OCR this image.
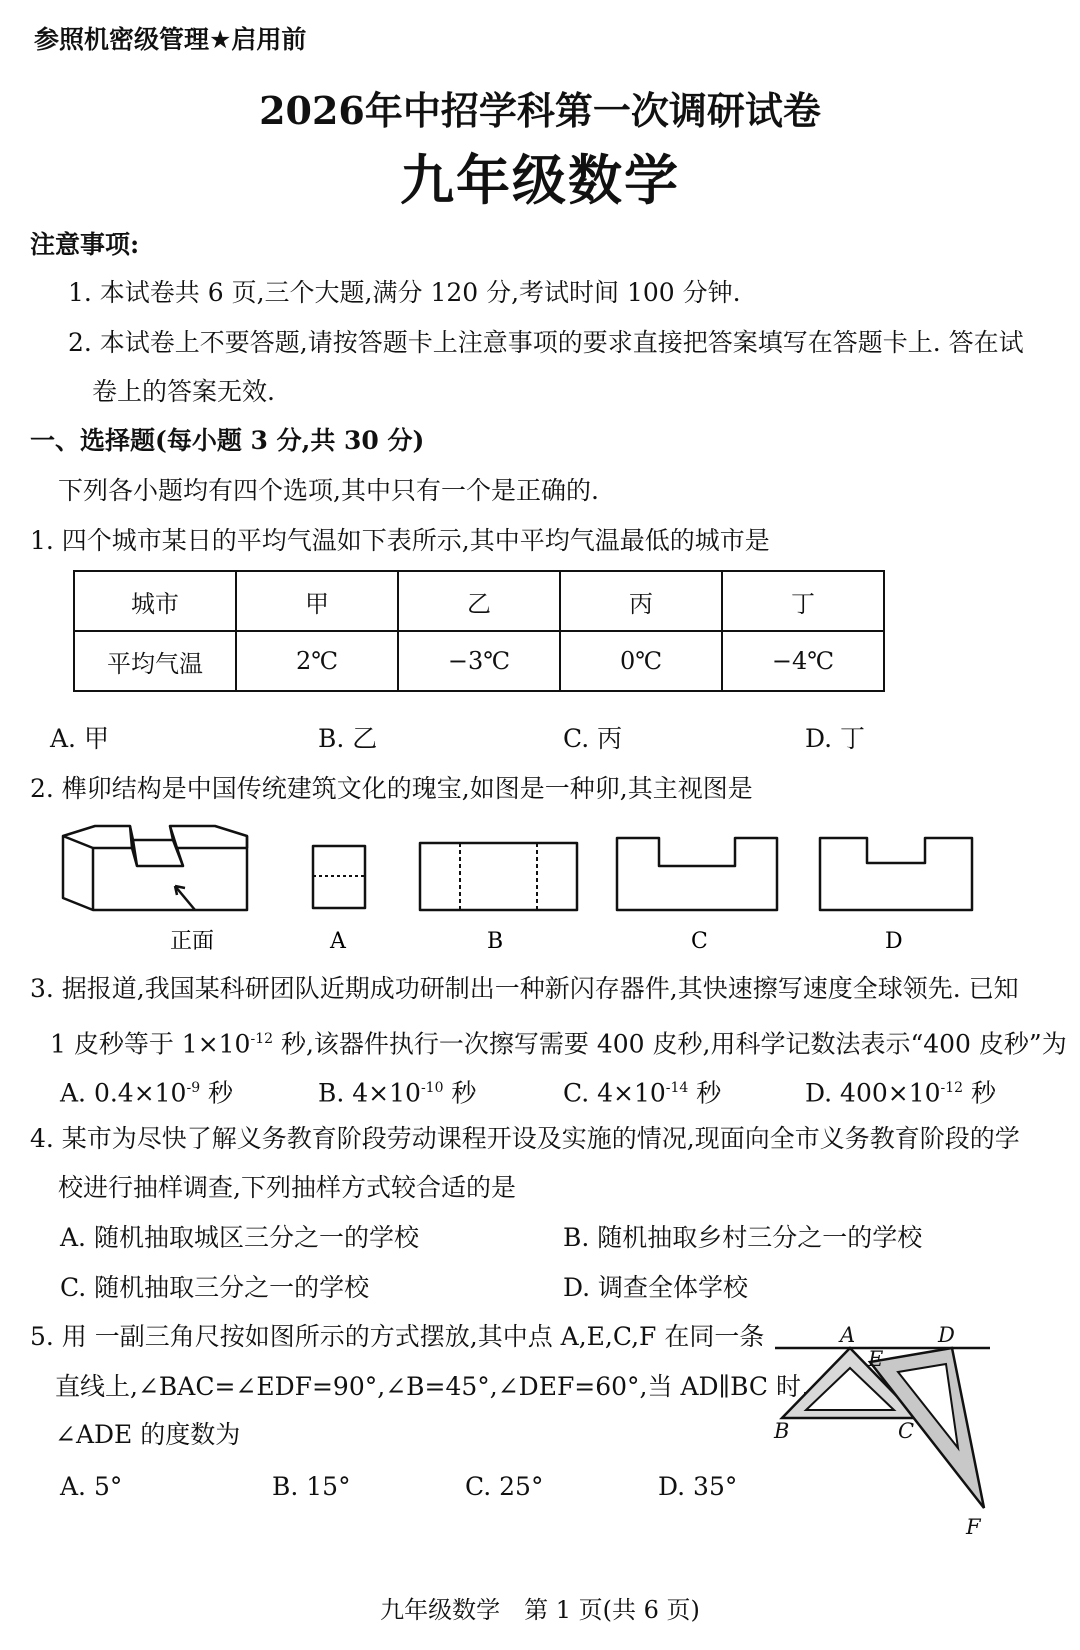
参照机密级管理★启用前
2026年中招学科第一次调研试卷
九年级数学
注意事项:
1. 本试卷共 6 页,三个大题,满分 120 分,考试时间 100 分钟.
2. 本试卷上不要答题,请按答题卡上注意事项的要求直接把答案填写在答题卡上. 答在试
卷上的答案无效.
一、选择题(每小题 3 分,共 30 分)
下列各小题均有四个选项,其中只有一个是正确的.
1. 四个城市某日的平均气温如下表所示,其中平均气温最低的城市是
城市	甲	乙	丙	丁
平均气温	2℃	−3℃	0℃	−4℃
A. 甲	B. 乙	C. 丙	D. 丁
2. 榫卯结构是中国传统建筑文化的瑰宝,如图是一种卯,其主视图是
正面	A	B	C	D
3. 据报道,我国某科研团队近期成功研制出一种新闪存器件,其快速擦写速度全球领先. 已知
1 皮秒等于 $1\times 10^{-12}$ 秒,该器件执行一次擦写需要 400 皮秒,用科学记数法表示“400 皮秒”为
A. $0.4\times 10^{-9}$ 秒	B. $4\times 10^{-10}$ 秒	C. $4\times 10^{-14}$ 秒	D. $400\times 10^{-12}$ 秒
4. 某市为尽快了解义务教育阶段劳动课程开设及实施的情况,现面向全市义务教育阶段的学
校进行抽样调查,下列抽样方式较合适的是
A. 随机抽取城区三分之一的学校	B. 随机抽取乡村三分之一的学校
C. 随机抽取三分之一的学校	D. 调查全体学校
5. 用 一副三角尺按如图所示的方式摆放,其中点 A,E,C,F 在同一条
直线上,∠BAC=∠EDF=90°,∠B=45°,∠DEF=60°,当 AD∥BC 时,
∠ADE 的度数为
A. 5°	B. 15°	C. 25°	D. 35°
A	D
E
B	C
F
九年级数学　第 1 页(共 6 页)
